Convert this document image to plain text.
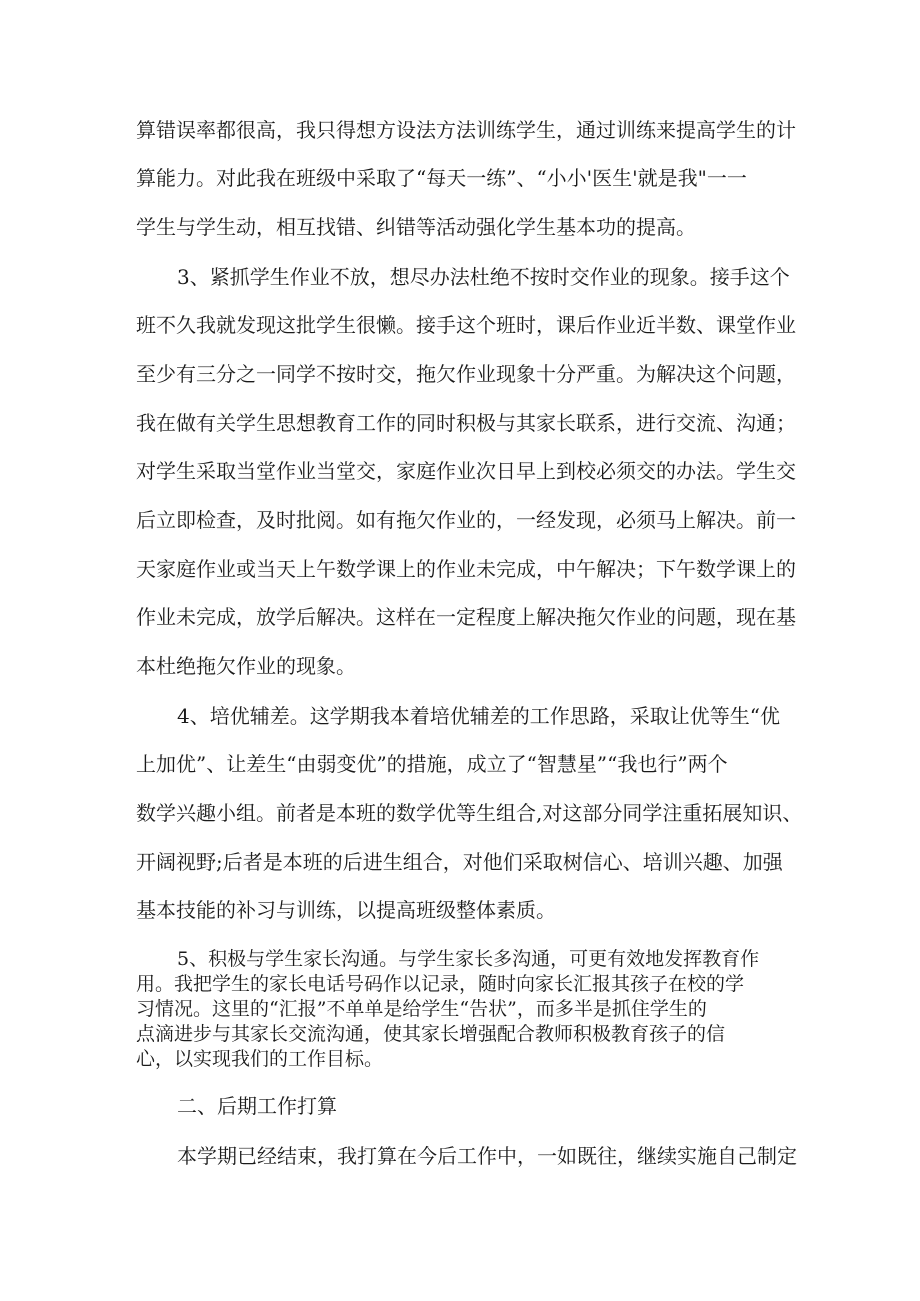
算错误率都很高，我只得想方设法方法训练学生，通过训练来提高学生的计
算能力。对此我在班级中采取了“每天一练”、“小小'医生'就是我"一一
学生与学生动，相互找错、纠错等活动强化学生基本功的提高。
3、紧抓学生作业不放，想尽办法杜绝不按时交作业的现象。接手这个
班不久我就发现这批学生很懒。接手这个班时，课后作业近半数、课堂作业
至少有三分之一同学不按时交，拖欠作业现象十分严重。为解决这个问题，
我在做有关学生思想教育工作的同时积极与其家长联系，进行交流、沟通；
对学生采取当堂作业当堂交，家庭作业次日早上到校必须交的办法。学生交
后立即检查，及时批阅。如有拖欠作业的，一经发现，必须马上解决。前一
天家庭作业或当天上午数学课上的作业未完成，中午解决；下午数学课上的
作业未完成，放学后解决。这样在一定程度上解决拖欠作业的问题，现在基
本杜绝拖欠作业的现象。
4、培优辅差。这学期我本着培优辅差的工作思路，采取让优等生“优
上加优”、让差生“由弱变优”的措施，成立了“智慧星”“我也行”两个
数学兴趣小组。前者是本班的数学优等生组合,对这部分同学注重拓展知识、
开阔视野;后者是本班的后进生组合，对他们采取树信心、培训兴趣、加强
基本技能的补习与训练，以提高班级整体素质。
5、积极与学生家长沟通。与学生家长多沟通，可更有效地发挥教育作
用。我把学生的家长电话号码作以记录，随时向家长汇报其孩子在校的学
习情况。这里的“汇报”不单单是给学生“告状”，而多半是抓住学生的
点滴进步与其家长交流沟通，使其家长增强配合教师积极教育孩子的信
心，以实现我们的工作目标。
二、后期工作打算
本学期已经结束，我打算在今后工作中，一如既往，继续实施自己制定
